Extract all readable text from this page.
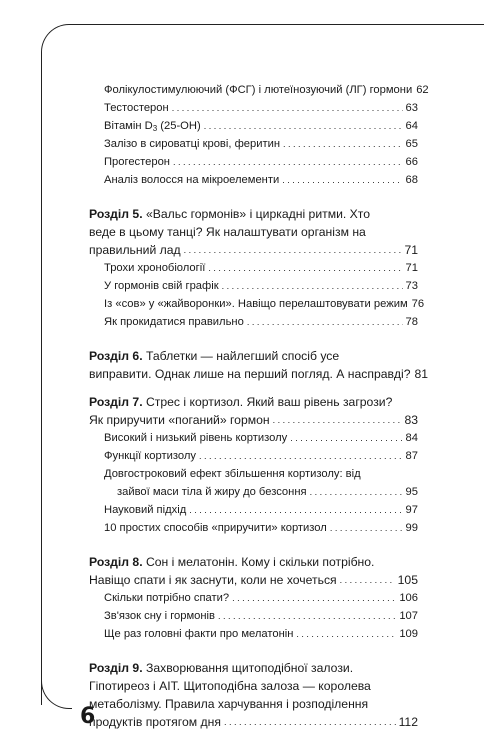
Фолікулостимулюючий (ФСГ) і лютеїнозуючий (ЛГ) гормони 62
Тестостерон . . .	63
Вітамін $D_3$ (25-ОН) . . .	64
Залізо в сироватці крові, феритин . . .	65
Прогестерон . . .	66
Аналіз волосся на мікроелементи . . .	68
Розділ 5. «Вальс гормонів» і циркадні ритми. Хто
веде в цьому танці? Як налаштувати організм на
правильний лад . . .	71
Трохи хронобіології . . .	71
У гормонів свій графік . . .	73
Із «сов» у «жайворонки». Навіщо перелаштовувати режим 76
Як прокидатися правильно . . .	78
Розділ 6. Таблетки — найлегший спосіб усе
виправити. Однак лише на перший погляд. А насправді? 81
Розділ 7. Стрес і кортизол. Який ваш рівень загрози?
Як приручити «поганий» гормон . . .	83
Високий і низький рівень кортизолу . . .	84
Функції кортизолу . . .	87
Довгостроковий ефект збільшення кортизолу: від
зайвої маси тіла й жиру до безсоння . . .	95
Науковий підхід . . .	97
10 простих способів «приручити» кортизол . . .	99
Розділ 8. Сон і мелатонін. Кому і скільки потрібно.
Навіщо спати і як заснути, коли не хочеться . . .	105
Скільки потрібно спати? . . .	106
Зв'язок сну і гормонів . . .	107
Ще раз головні факти про мелатонін . . .	109
Розділ 9. Захворювання щитоподібної залози.
Гіпотиреоз і АІТ. Щитоподібна залоза — королева
метаболізму. Правила харчування і розподілення
продуктів протягом дня . . .	112
6
